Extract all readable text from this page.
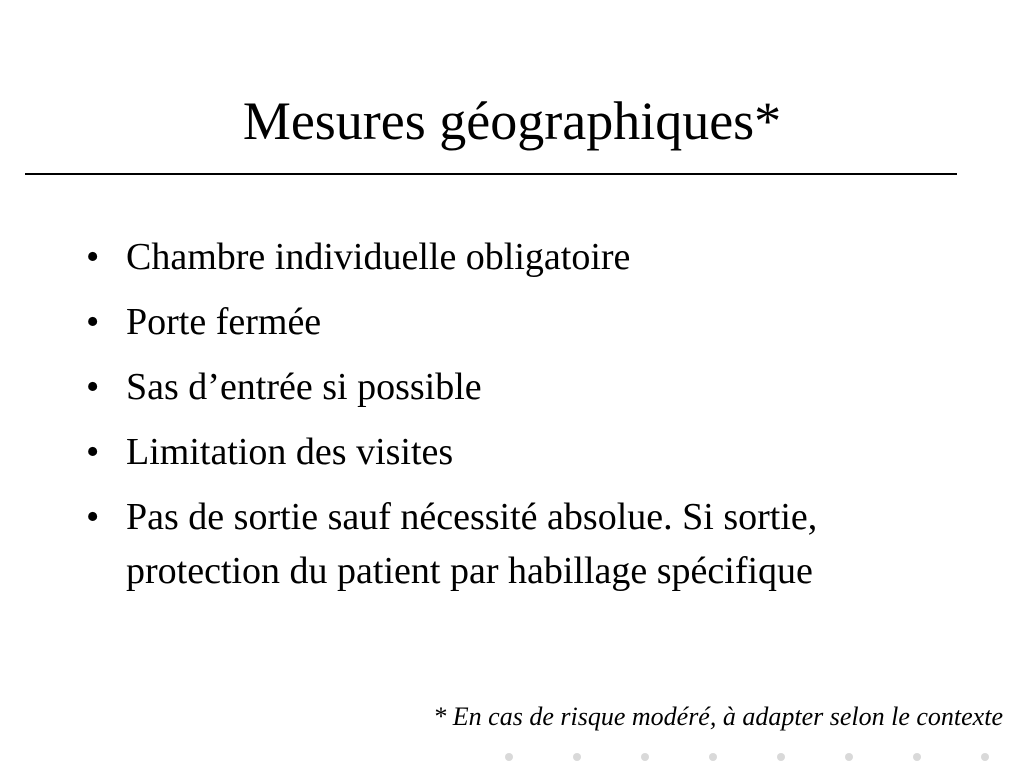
Mesures géographiques*
• Chambre individuelle obligatoire
• Porte fermée
• Sas d’entrée si possible
• Limitation des visites
• Pas de sortie sauf nécessité absolue. Si sortie, protection du patient par habillage spécifique
* En cas de risque modéré, à adapter selon le contexte
